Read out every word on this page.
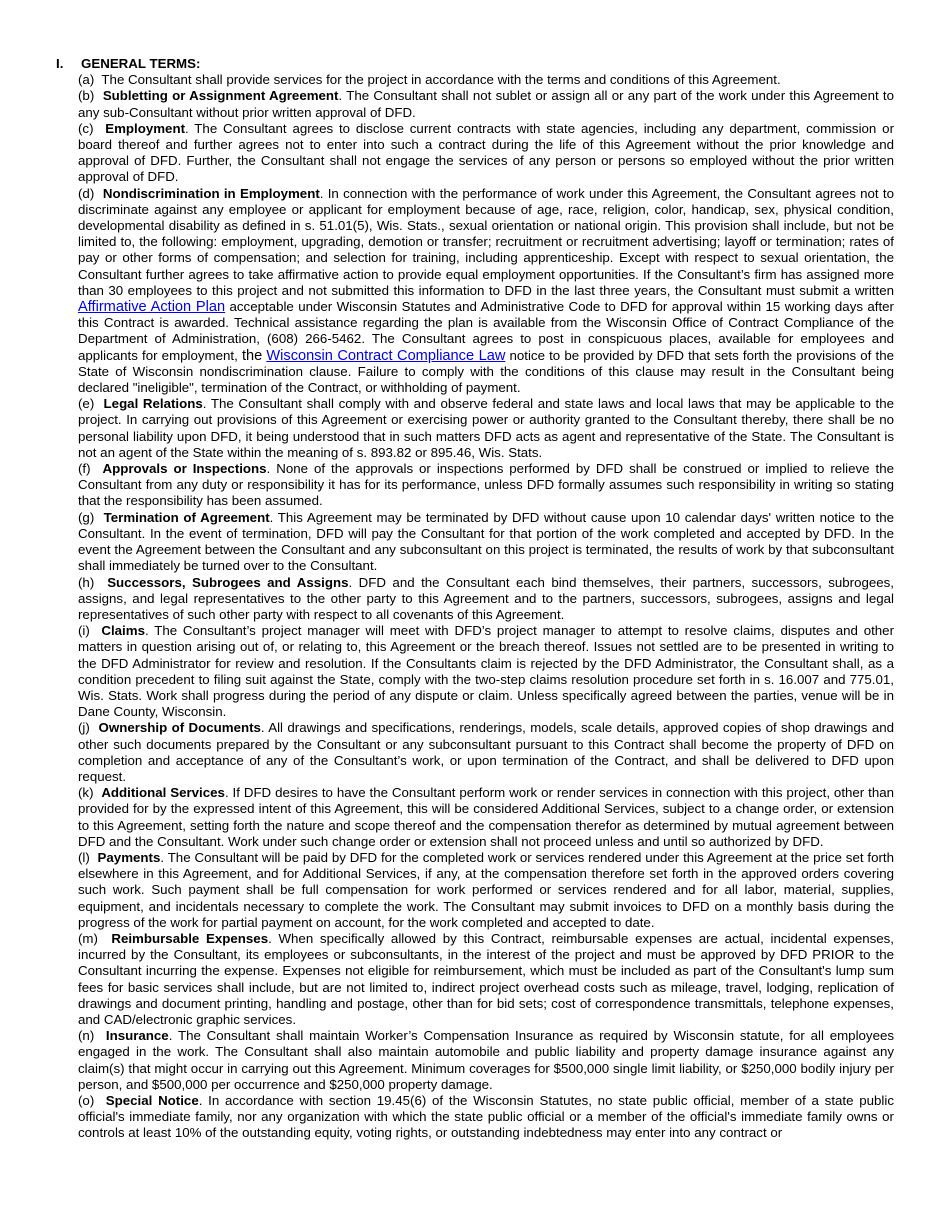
I.	GENERAL TERMS:

(a) The Consultant shall provide services for the project in accordance with the terms and conditions of this Agreement.

(b) Subletting or Assignment Agreement. The Consultant shall not sublet or assign all or any part of the work under this Agreement to any sub-Consultant without prior written approval of DFD.

(c) Employment. The Consultant agrees to disclose current contracts with state agencies, including any department, commission or board thereof and further agrees not to enter into such a contract during the life of this Agreement without the prior knowledge and approval of DFD. Further, the Consultant shall not engage the services of any person or persons so employed without the prior written approval of DFD.

(d) Nondiscrimination in Employment. In connection with the performance of work under this Agreement, the Consultant agrees not to discriminate against any employee or applicant for employment because of age, race, religion, color, handicap, sex, physical condition, developmental disability as defined in s. 51.01(5), Wis. Stats., sexual orientation or national origin. This provision shall include, but not be limited to, the following: employment, upgrading, demotion or transfer; recruitment or recruitment advertising; layoff or termination; rates of pay or other forms of compensation; and selection for training, including apprenticeship. Except with respect to sexual orientation, the Consultant further agrees to take affirmative action to provide equal employment opportunities. If the Consultant’s firm has assigned more than 30 employees to this project and not submitted this information to DFD in the last three years, the Consultant must submit a written Affirmative Action Plan acceptable under Wisconsin Statutes and Administrative Code to DFD for approval within 15 working days after this Contract is awarded. Technical assistance regarding the plan is available from the Wisconsin Office of Contract Compliance of the Department of Administration, (608) 266-5462. The Consultant agrees to post in conspicuous places, available for employees and applicants for employment, the Wisconsin Contract Compliance Law notice to be provided by DFD that sets forth the provisions of the State of Wisconsin nondiscrimination clause. Failure to comply with the conditions of this clause may result in the Consultant being declared "ineligible", termination of the Contract, or withholding of payment.

(e) Legal Relations. The Consultant shall comply with and observe federal and state laws and local laws that may be applicable to the project. In carrying out provisions of this Agreement or exercising power or authority granted to the Consultant thereby, there shall be no personal liability upon DFD, it being understood that in such matters DFD acts as agent and representative of the State. The Consultant is not an agent of the State within the meaning of s. 893.82 or 895.46, Wis. Stats.

(f) Approvals or Inspections. None of the approvals or inspections performed by DFD shall be construed or implied to relieve the Consultant from any duty or responsibility it has for its performance, unless DFD formally assumes such responsibility in writing so stating that the responsibility has been assumed.

(g) Termination of Agreement. This Agreement may be terminated by DFD without cause upon 10 calendar days' written notice to the Consultant. In the event of termination, DFD will pay the Consultant for that portion of the work completed and accepted by DFD. In the event the Agreement between the Consultant and any subconsultant on this project is terminated, the results of work by that subconsultant shall immediately be turned over to the Consultant.

(h) Successors, Subrogees and Assigns. DFD and the Consultant each bind themselves, their partners, successors, subrogees, assigns, and legal representatives to the other party to this Agreement and to the partners, successors, subrogees, assigns and legal representatives of such other party with respect to all covenants of this Agreement.

(i) Claims. The Consultant’s project manager will meet with DFD’s project manager to attempt to resolve claims, disputes and other matters in question arising out of, or relating to, this Agreement or the breach thereof. Issues not settled are to be presented in writing to the DFD Administrator for review and resolution. If the Consultants claim is rejected by the DFD Administrator, the Consultant shall, as a condition precedent to filing suit against the State, comply with the two-step claims resolution procedure set forth in s. 16.007 and 775.01, Wis. Stats. Work shall progress during the period of any dispute or claim. Unless specifically agreed between the parties, venue will be in Dane County, Wisconsin.

(j) Ownership of Documents. All drawings and specifications, renderings, models, scale details, approved copies of shop drawings and other such documents prepared by the Consultant or any subconsultant pursuant to this Contract shall become the property of DFD on completion and acceptance of any of the Consultant’s work, or upon termination of the Contract, and shall be delivered to DFD upon request.

(k) Additional Services. If DFD desires to have the Consultant perform work or render services in connection with this project, other than provided for by the expressed intent of this Agreement, this will be considered Additional Services, subject to a change order, or extension to this Agreement, setting forth the nature and scope thereof and the compensation therefor as determined by mutual agreement between DFD and the Consultant. Work under such change order or extension shall not proceed unless and until so authorized by DFD.

(l) Payments. The Consultant will be paid by DFD for the completed work or services rendered under this Agreement at the price set forth elsewhere in this Agreement, and for Additional Services, if any, at the compensation therefore set forth in the approved orders covering such work. Such payment shall be full compensation for work performed or services rendered and for all labor, material, supplies, equipment, and incidentals necessary to complete the work. The Consultant may submit invoices to DFD on a monthly basis during the progress of the work for partial payment on account, for the work completed and accepted to date.

(m) Reimbursable Expenses. When specifically allowed by this Contract, reimbursable expenses are actual, incidental expenses, incurred by the Consultant, its employees or subconsultants, in the interest of the project and must be approved by DFD PRIOR to the Consultant incurring the expense. Expenses not eligible for reimbursement, which must be included as part of the Consultant's lump sum fees for basic services shall include, but are not limited to, indirect project overhead costs such as mileage, travel, lodging, replication of drawings and document printing, handling and postage, other than for bid sets; cost of correspondence transmittals, telephone expenses, and CAD/electronic graphic services.

(n) Insurance. The Consultant shall maintain Worker’s Compensation Insurance as required by Wisconsin statute, for all employees engaged in the work. The Consultant shall also maintain automobile and public liability and property damage insurance against any claim(s) that might occur in carrying out this Agreement. Minimum coverages for $500,000 single limit liability, or $250,000 bodily injury per person, and $500,000 per occurrence and $250,000 property damage.

(o) Special Notice. In accordance with section 19.45(6) of the Wisconsin Statutes, no state public official, member of a state public official's immediate family, nor any organization with which the state public official or a member of the official's immediate family owns or controls at least 10% of the outstanding equity, voting rights, or outstanding indebtedness may enter into any contract or
